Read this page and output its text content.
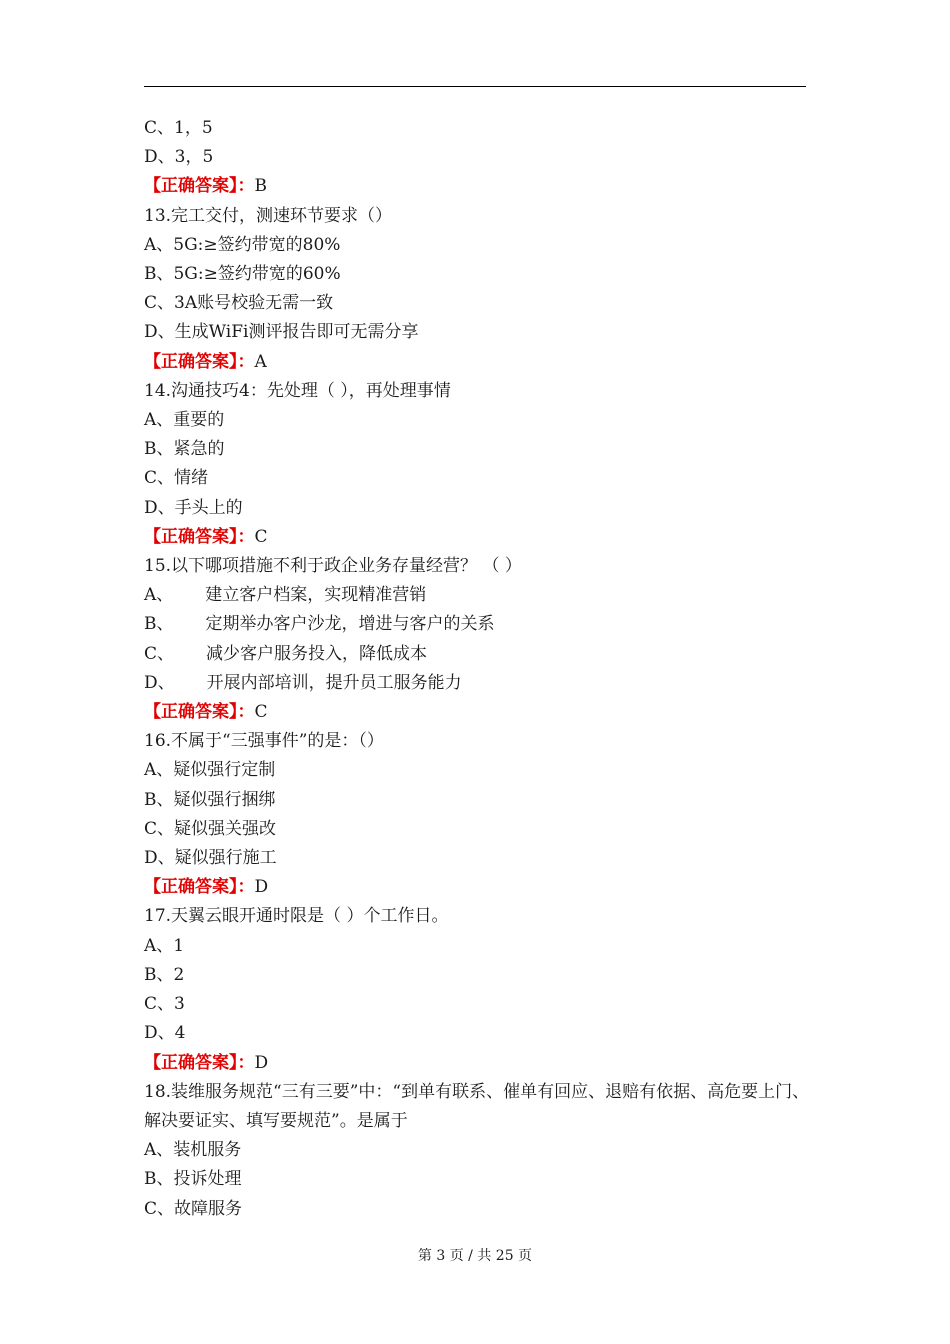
C、1，5
D、3，5
【正确答案】：B
13.完工交付，测速环节要求（）
A、5G:≥签约带宽的80%
B、5G:≥签约带宽的60%
C、3A账号校验无需一致
D、生成WiFi测评报告即可无需分享
【正确答案】：A
14.沟通技巧4：先处理（ ），再处理事情
A、重要的
B、紧急的
C、情绪
D、手头上的
【正确答案】：C
15.以下哪项措施不利于政企业务存量经营？ （ ）
A、 建立客户档案，实现精准营销
B、 定期举办客户沙龙，增进与客户的关系
C、 减少客户服务投入，降低成本
D、 开展内部培训，提升员工服务能力
【正确答案】：C
16.不属于“三强事件”的是：（）
A、疑似强行定制
B、疑似强行捆绑
C、疑似强关强改
D、疑似强行施工
【正确答案】：D
17.天翼云眼开通时限是（ ）个工作日。
A、1
B、2
C、3
D、4
【正确答案】：D
18.装维服务规范“三有三要”中：“到单有联系、催单有回应、退赔有依据、高危要上门、解决要证实、填写要规范”。是属于
A、装机服务
B、投诉处理
C、故障服务
第 3 页 / 共 25 页
